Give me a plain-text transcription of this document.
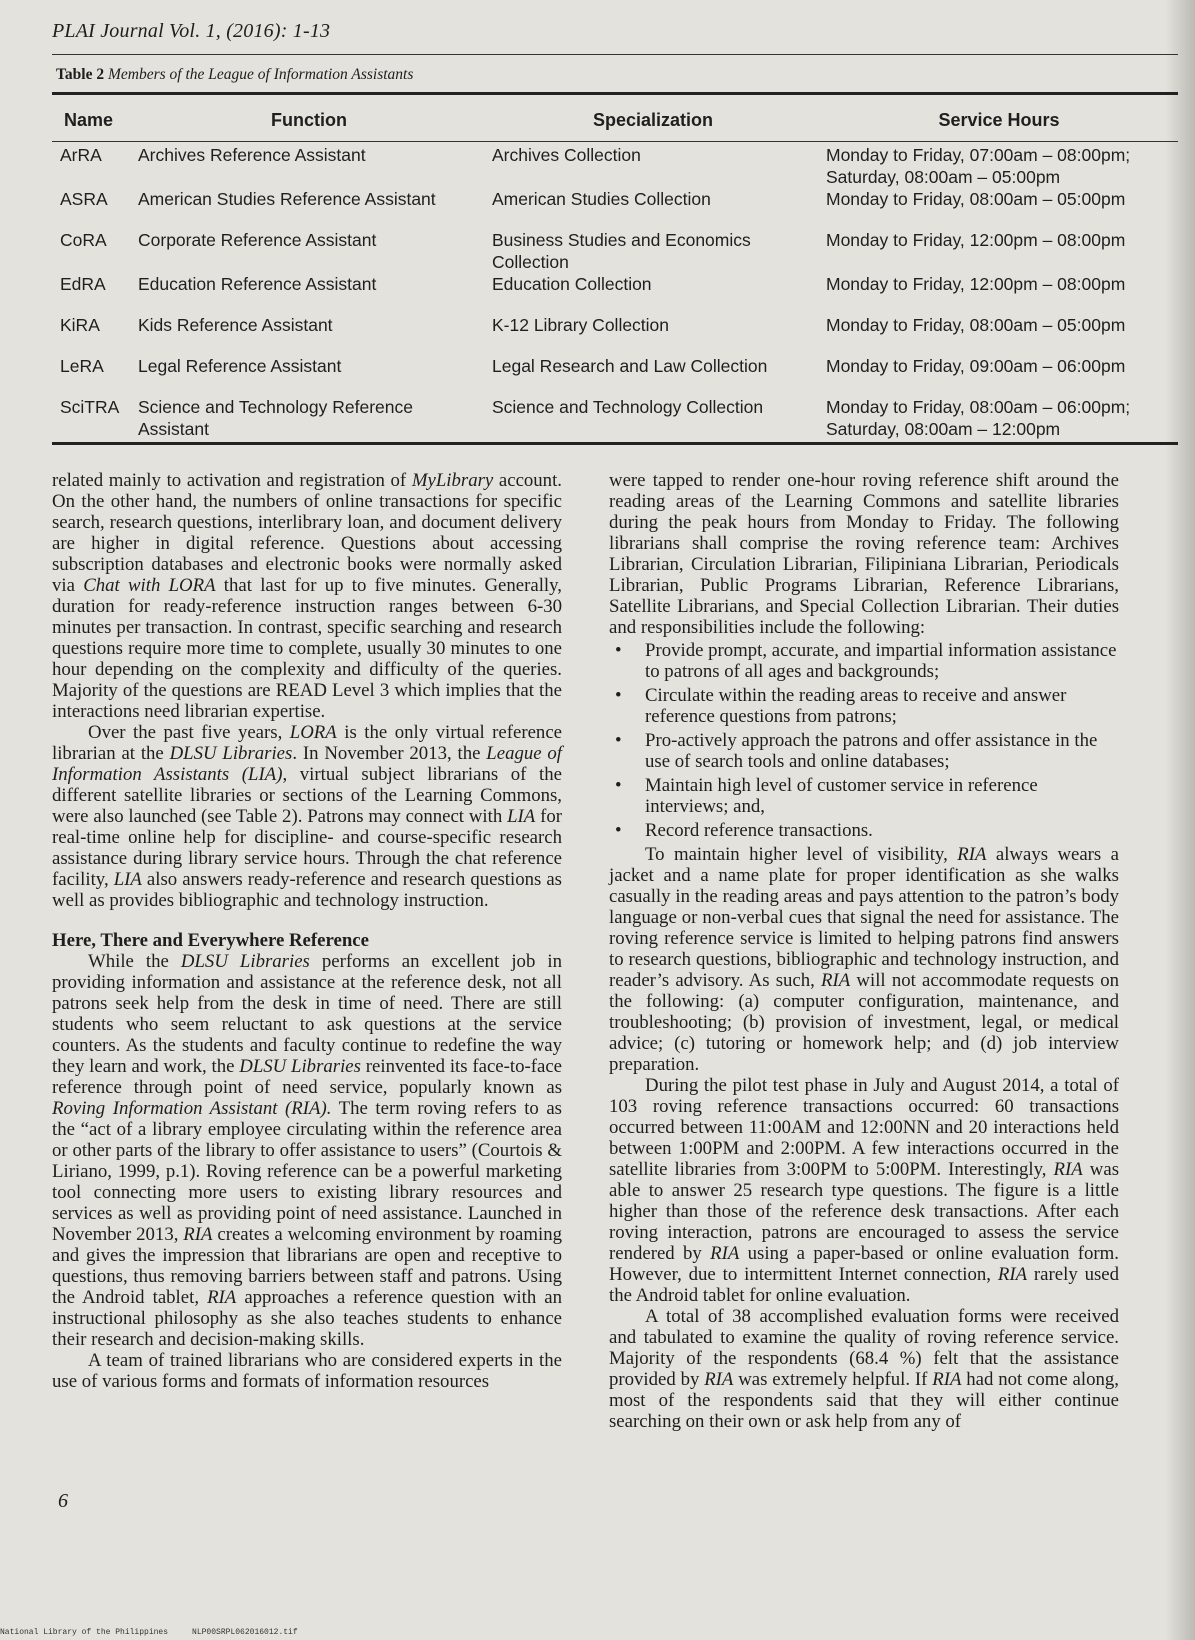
PLAI Journal Vol. 1, (2016): 1-13
Table 2 Members of the League of Information Assistants
Name	Function	Specialization	Service Hours
ArRA	Archives Reference Assistant	Archives Collection	Monday to Friday, 07:00am – 08:00pm; Saturday, 08:00am – 05:00pm
ASRA	American Studies Reference Assistant	American Studies Collection	Monday to Friday, 08:00am – 05:00pm
CoRA	Corporate Reference Assistant	Business Studies and Economics Collection	Monday to Friday, 12:00pm – 08:00pm
EdRA	Education Reference Assistant	Education Collection	Monday to Friday, 12:00pm – 08:00pm
KiRA	Kids Reference Assistant	K-12 Library Collection	Monday to Friday, 08:00am – 05:00pm
LeRA	Legal Reference Assistant	Legal Research and Law Collection	Monday to Friday, 09:00am – 06:00pm
SciTRA	Science and Technology Reference Assistant	Science and Technology Collection	Monday to Friday, 08:00am – 06:00pm; Saturday, 08:00am – 12:00pm

related mainly to activation and registration of MyLibrary account. On the other hand, the numbers of online transactions for specific search, research questions, interlibrary loan, and document delivery are higher in digital reference. Questions about accessing subscription databases and electronic books were normally asked via Chat with LORA that last for up to five minutes. Generally, duration for ready-reference instruction ranges between 6-30 minutes per transaction. In contrast, specific searching and research questions require more time to complete, usually 30 minutes to one hour depending on the complexity and difficulty of the queries. Majority of the questions are READ Level 3 which implies that the interactions need librarian expertise.

Over the past five years, LORA is the only virtual reference librarian at the DLSU Libraries. In November 2013, the League of Information Assistants (LIA), virtual subject librarians of the different satellite libraries or sections of the Learning Commons, were also launched (see Table 2). Patrons may connect with LIA for real-time online help for discipline- and course-specific research assistance during library service hours. Through the chat reference facility, LIA also answers ready-reference and research questions as well as provides bibliographic and technology instruction.

Here, There and Everywhere Reference

While the DLSU Libraries performs an excellent job in providing information and assistance at the reference desk, not all patrons seek help from the desk in time of need. There are still students who seem reluctant to ask questions at the service counters. As the students and faculty continue to redefine the way they learn and work, the DLSU Libraries reinvented its face-to-face reference through point of need service, popularly known as Roving Information Assistant (RIA). The term roving refers to as the “act of a library employee circulating within the reference area or other parts of the library to offer assistance to users” (Courtois & Liriano, 1999, p.1). Roving reference can be a powerful marketing tool connecting more users to existing library resources and services as well as providing point of need assistance. Launched in November 2013, RIA creates a welcoming environment by roaming and gives the impression that librarians are open and receptive to questions, thus removing barriers between staff and patrons. Using the Android tablet, RIA approaches a reference question with an instructional philosophy as she also teaches students to enhance their research and decision-making skills.

A team of trained librarians who are considered experts in the use of various forms and formats of information resources

were tapped to render one-hour roving reference shift around the reading areas of the Learning Commons and satellite libraries during the peak hours from Monday to Friday. The following librarians shall comprise the roving reference team: Archives Librarian, Circulation Librarian, Filipiniana Librarian, Periodicals Librarian, Public Programs Librarian, Reference Librarians, Satellite Librarians, and Special Collection Librarian. Their duties and responsibilities include the following:

• Provide prompt, accurate, and impartial information assistance to patrons of all ages and backgrounds;
• Circulate within the reading areas to receive and answer reference questions from patrons;
• Pro-actively approach the patrons and offer assistance in the use of search tools and online databases;
• Maintain high level of customer service in reference interviews; and,
• Record reference transactions.

To maintain higher level of visibility, RIA always wears a jacket and a name plate for proper identification as she walks casually in the reading areas and pays attention to the patron’s body language or non-verbal cues that signal the need for assistance. The roving reference service is limited to helping patrons find answers to research questions, bibliographic and technology instruction, and reader’s advisory. As such, RIA will not accommodate requests on the following: (a) computer configuration, maintenance, and troubleshooting; (b) provision of investment, legal, or medical advice; (c) tutoring or homework help; and (d) job interview preparation.

During the pilot test phase in July and August 2014, a total of 103 roving reference transactions occurred: 60 transactions occurred between 11:00AM and 12:00NN and 20 interactions held between 1:00PM and 2:00PM. A few interactions occurred in the satellite libraries from 3:00PM to 5:00PM. Interestingly, RIA was able to answer 25 research type questions. The figure is a little higher than those of the reference desk transactions. After each roving interaction, patrons are encouraged to assess the service rendered by RIA using a paper-based or online evaluation form. However, due to intermittent Internet connection, RIA rarely used the Android tablet for online evaluation.

A total of 38 accomplished evaluation forms were received and tabulated to examine the quality of roving reference service. Majority of the respondents (68.4 %) felt that the assistance provided by RIA was extremely helpful. If RIA had not come along, most of the respondents said that they will either continue searching on their own or ask help from any of

6
National Library of the Philippines     NLP00SRPL062016012.tif
